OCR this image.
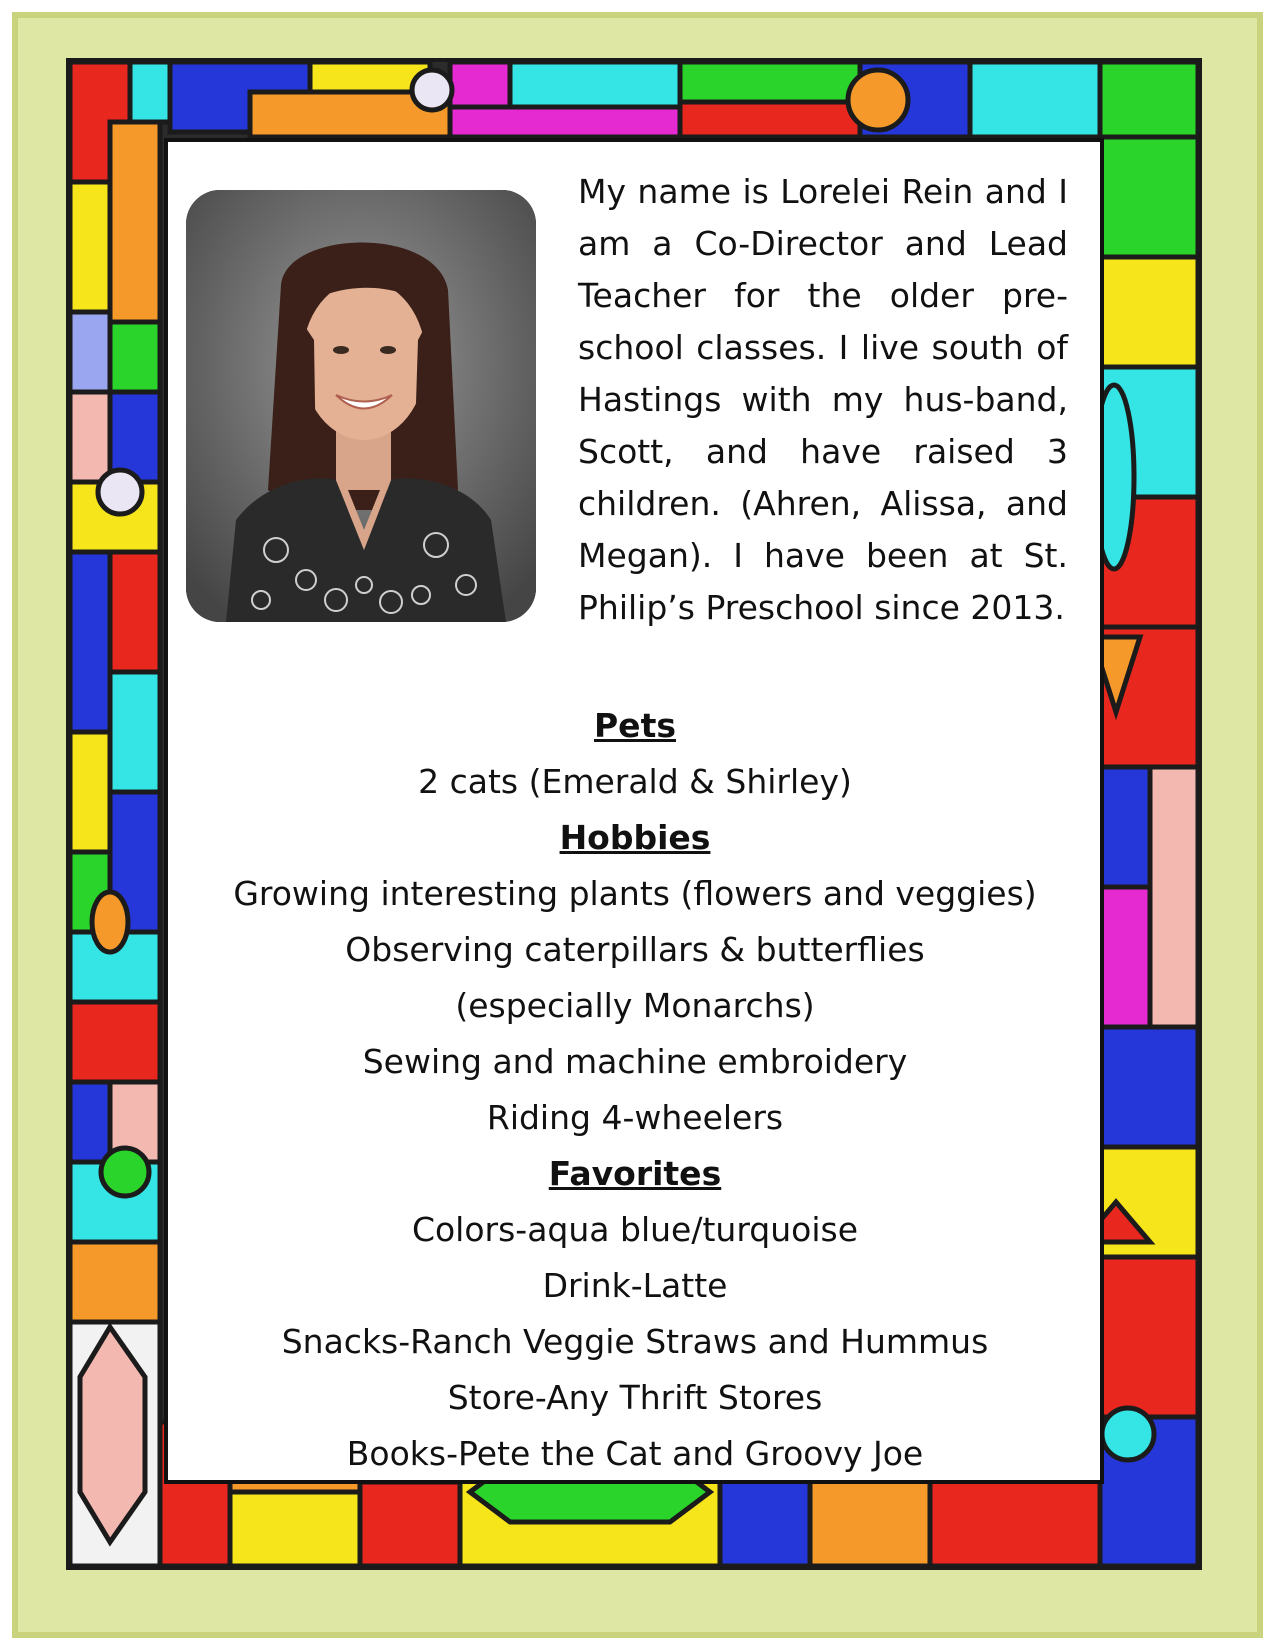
My name is Lorelei Rein and I am a Co-Director and Lead Teacher for the older pre-school classes. I live south of Hastings with my hus-band, Scott, and have raised 3 children. (Ahren, Alissa, and Megan). I have been at St. Philip’s Preschool since 2013.

Pets
2 cats (Emerald & Shirley)
Hobbies
Growing interesting plants (flowers and veggies)
Observing caterpillars & butterflies
(especially Monarchs)
Sewing and machine embroidery
Riding 4-wheelers
Favorites
Colors-aqua blue/turquoise
Drink-Latte
Snacks-Ranch Veggie Straws and Hummus
Store-Any Thrift Stores
Books-Pete the Cat and Groovy Joe
